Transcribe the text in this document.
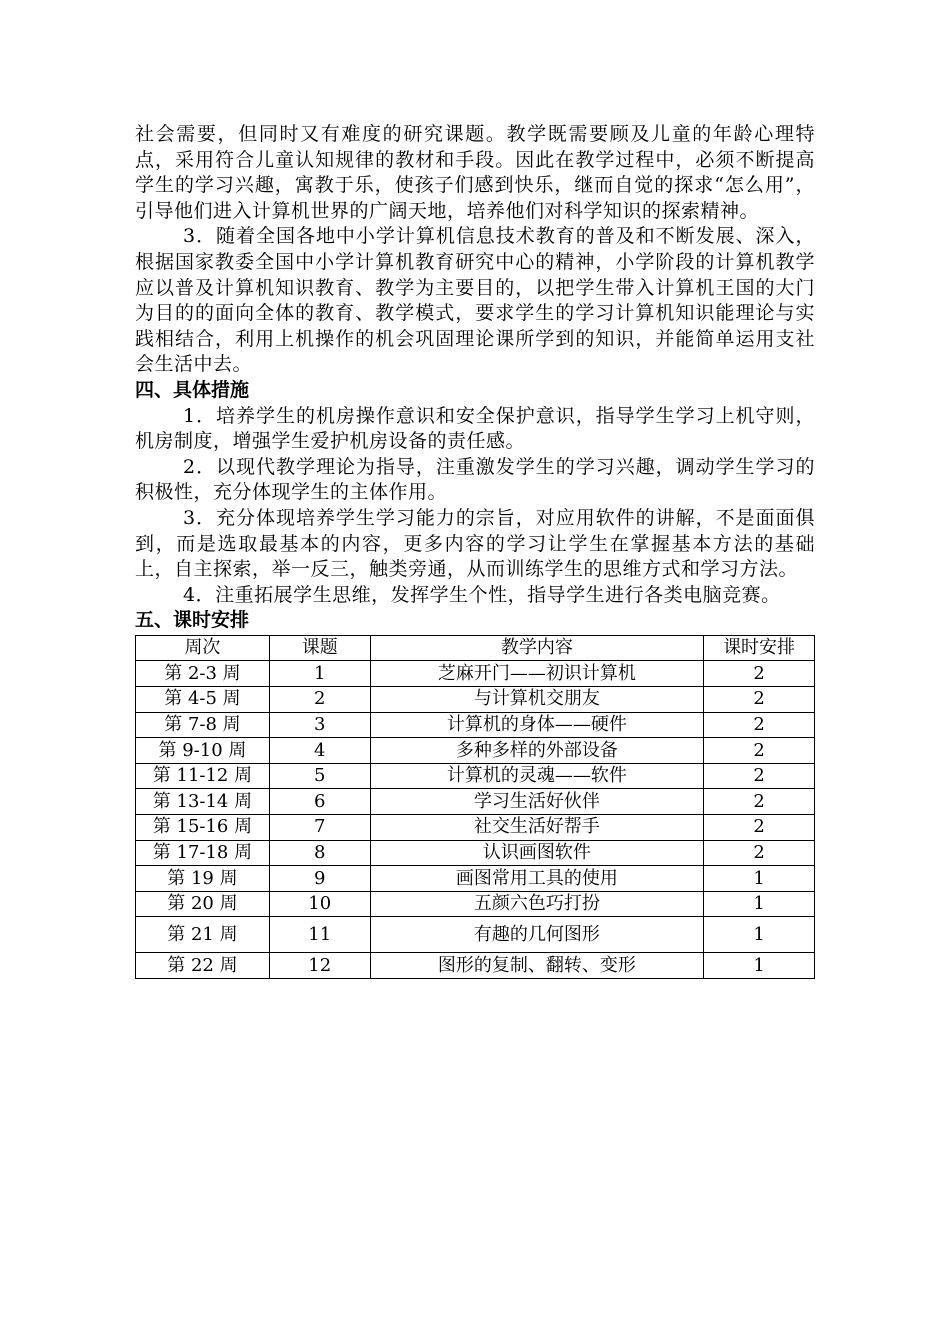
社会需要，但同时又有难度的研究课题。教学既需要顾及儿童的年龄心理特点，采用符合儿童认知规律的教材和手段。因此在教学过程中，必须不断提高学生的学习兴趣，寓教于乐，使孩子们感到快乐，继而自觉的探求“怎么用”，引导他们进入计算机世界的广阔天地，培养他们对科学知识的探索精神。

3．随着全国各地中小学计算机信息技术教育的普及和不断发展、深入，根据国家教委全国中小学计算机教育研究中心的精神，小学阶段的计算机教学应以普及计算机知识教育、教学为主要目的，以把学生带入计算机王国的大门为目的的面向全体的教育、教学模式，要求学生的学习计算机知识能理论与实践相结合，利用上机操作的机会巩固理论课所学到的知识，并能简单运用支社会生活中去。

四、具体措施

1．培养学生的机房操作意识和安全保护意识，指导学生学习上机守则，机房制度，增强学生爱护机房设备的责任感。

2．以现代教学理论为指导，注重激发学生的学习兴趣，调动学生学习的积极性，充分体现学生的主体作用。

3．充分体现培养学生学习能力的宗旨，对应用软件的讲解，不是面面俱到，而是选取最基本的内容，更多内容的学习让学生在掌握基本方法的基础上，自主探索，举一反三，触类旁通，从而训练学生的思维方式和学习方法。

4．注重拓展学生思维，发挥学生个性，指导学生进行各类电脑竞赛。

五、课时安排
周次	课题	教学内容	课时安排
第 2-3 周	1	芝麻开门——初识计算机	2
第 4-5 周	2	与计算机交朋友	2
第 7-8 周	3	计算机的身体——硬件	2
第 9-10 周	4	多种多样的外部设备	2
第 11-12 周	5	计算机的灵魂——软件	2
第 13-14 周	6	学习生活好伙伴	2
第 15-16 周	7	社交生活好帮手	2
第 17-18 周	8	认识画图软件	2
第 19 周	9	画图常用工具的使用	1
第 20 周	10	五颜六色巧打扮	1
第 21 周	11	有趣的几何图形	1
第 22 周	12	图形的复制、翻转、变形	1
